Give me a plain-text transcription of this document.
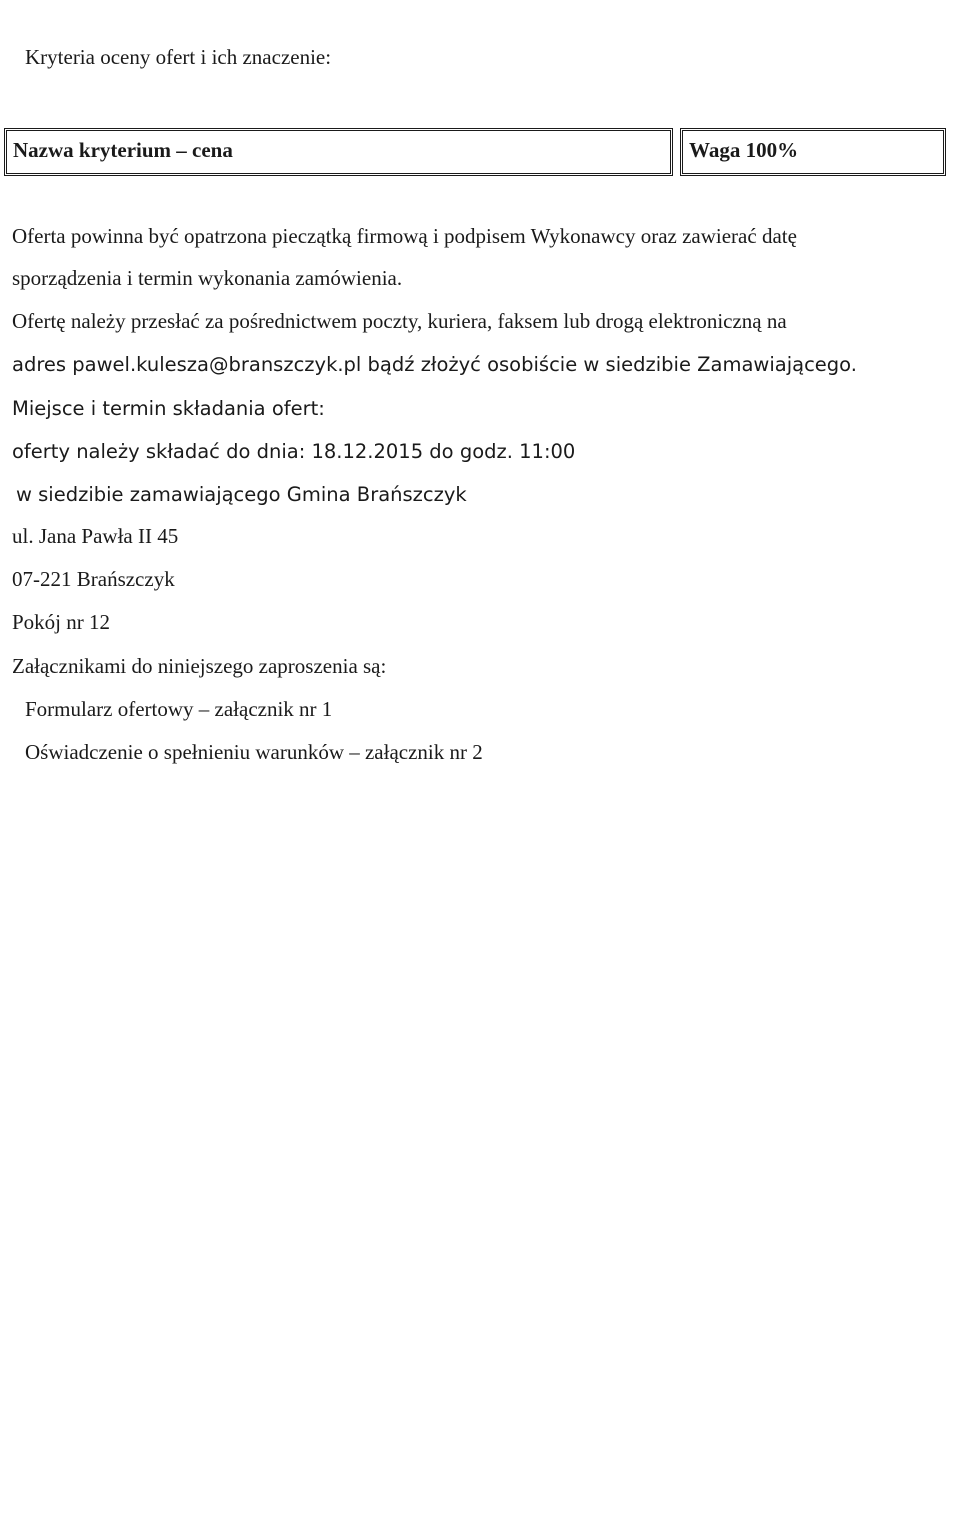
Kryteria oceny ofert i ich znaczenie:
Nazwa kryterium – cena	Waga 100%
Oferta powinna być opatrzona pieczątką firmową i podpisem Wykonawcy oraz zawierać datę
sporządzenia i termin wykonania zamówienia.
Ofertę należy przesłać za pośrednictwem poczty, kuriera, faksem lub drogą elektroniczną na
adres pawel.kulesza@branszczyk.pl bądź złożyć osobiście w siedzibie Zamawiającego.
Miejsce i termin składania ofert:
oferty należy składać do dnia: 18.12.2015 do godz. 11:00
w siedzibie zamawiającego Gmina Brańszczyk
ul. Jana Pawła II 45
07-221 Brańszczyk
Pokój nr 12
Załącznikami do niniejszego zaproszenia są:
Formularz ofertowy – załącznik nr 1
Oświadczenie o spełnieniu warunków – załącznik nr 2
